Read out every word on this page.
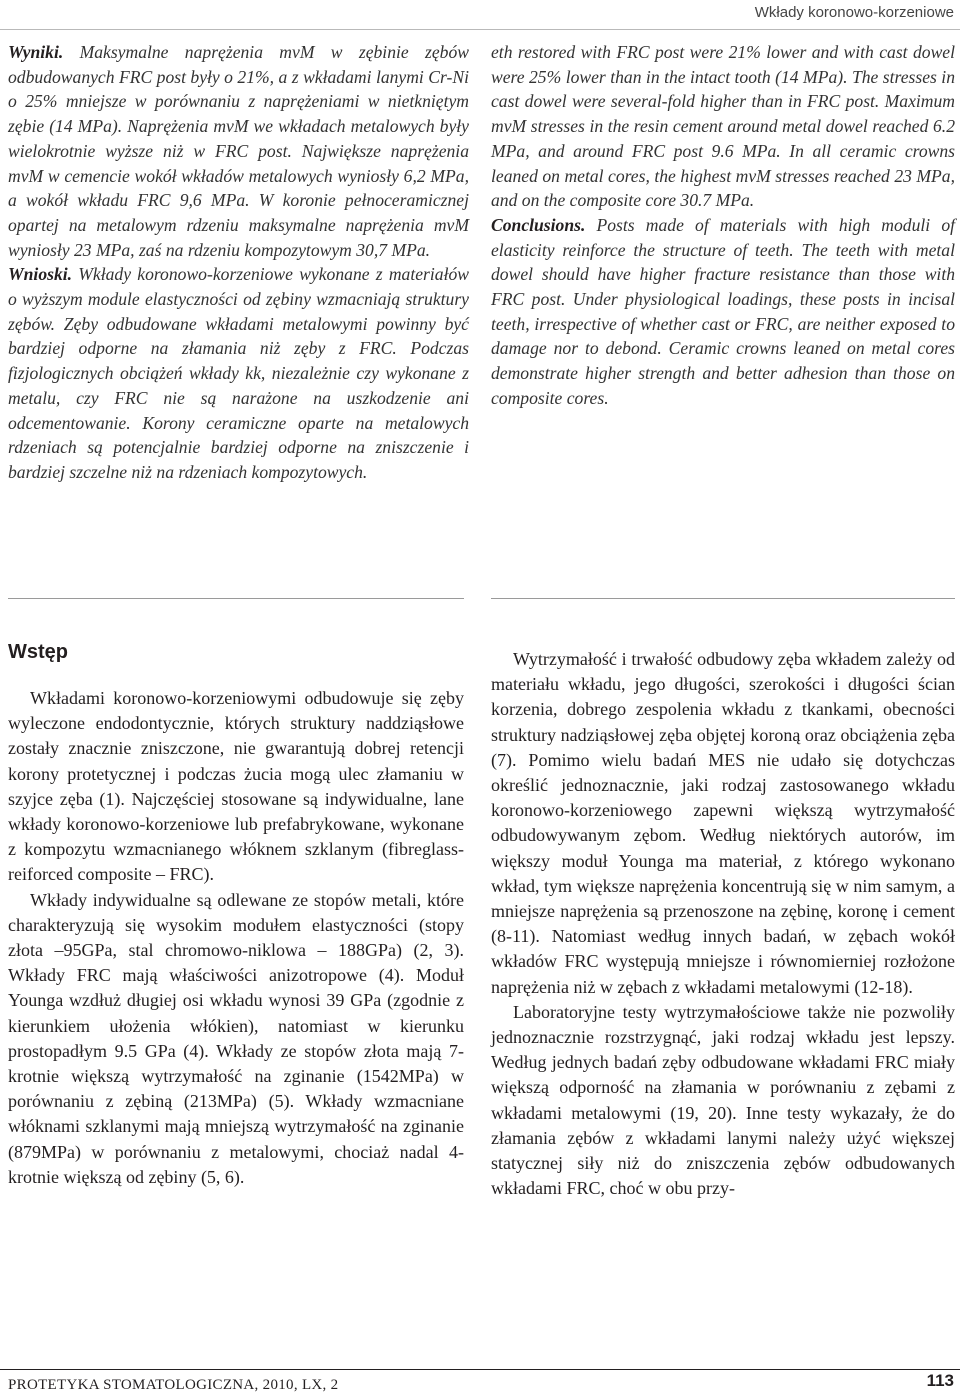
Wkłady koronowo-korzeniowe

Wyniki. Maksymalne naprężenia mvM w zębinie zębów odbudowanych FRC post były o 21%, a z wkładami lanymi Cr-Ni o 25% mniejsze w porównaniu z naprężeniami w nietkniętym zębie (14 MPa). Naprężenia mvM we wkładach metalowych były wielokrotnie wyższe niż w FRC post. Największe naprężenia mvM w cemencie wokół wkładów metalowych wyniosły 6,2 MPa, a wokół wkładu FRC 9,6 MPa. W koronie pełnoceramicznej opartej na metalowym rdzeniu maksymalne naprężenia mvM wyniosły 23 MPa, zaś na rdzeniu kompozytowym 30,7 MPa.

Wnioski. Wkłady koronowo-korzeniowe wykonane z materiałów o wyższym module elastyczności od zębiny wzmacniają struktury zębów. Zęby odbudowane wkładami metalowymi powinny być bardziej odporne na złamania niż zęby z FRC. Podczas fizjologicznych obciążeń wkłady kk, niezależnie czy wykonane z metalu, czy FRC nie są narażone na uszkodzenie ani odcementowanie. Korony ceramiczne oparte na metalowych rdzeniach są potencjalnie bardziej odporne na zniszczenie i bardziej szczelne niż na rdzeniach kompozytowych.

eth restored with FRC post were 21% lower and with cast dowel were 25% lower than in the intact tooth (14 MPa). The stresses in cast dowel were several-fold higher than in FRC post. Maximum mvM stresses in the resin cement around metal dowel reached 6.2 MPa, and around FRC post 9.6 MPa. In all ceramic crowns leaned on metal cores, the highest mvM stresses reached 23 MPa, and on the composite core 30.7 MPa.

Conclusions. Posts made of materials with high moduli of elasticity reinforce the structure of teeth. The teeth with metal dowel should have higher fracture resistance than those with FRC post. Under physiological loadings, these posts in incisal teeth, irrespective of whether cast or FRC, are neither exposed to damage nor to debond. Ceramic crowns leaned on metal cores demonstrate higher strength and better adhesion than those on composite cores.

Wstęp

Wkładami koronowo-korzeniowymi odbudowuje się zęby wyleczone endodontycznie, których struktury naddziąsłowe zostały znacznie zniszczone, nie gwarantują dobrej retencji korony protetycznej i podczas żucia mogą ulec złamaniu w szyjce zęba (1). Najczęściej stosowane są indywidualne, lane wkłady koronowo-korzeniowe lub prefabrykowane, wykonane z kompozytu wzmacnianego włóknem szklanym (fibreglass-reiforced composite – FRC).

Wkłady indywidualne są odlewane ze stopów metali, które charakteryzują się wysokim modułem elastyczności (stopy złota –95GPa, stal chromowo-niklowa – 188GPa) (2, 3). Wkłady FRC mają właściwości anizotropowe (4). Moduł Younga wzdłuż długiej osi wkładu wynosi 39 GPa (zgodnie z kierunkiem ułożenia włókien), natomiast w kierunku prostopadłym 9.5 GPa (4). Wkłady ze stopów złota mają 7-krotnie większą wytrzymałość na zginanie (1542MPa) w porównaniu z zębiną (213MPa) (5). Wkłady wzmacniane włóknami szklanymi mają mniejszą wytrzymałość na zginanie (879MPa) w porównaniu z metalowymi, chociaż nadal 4-krotnie większą od zębiny (5, 6).

Wytrzymałość i trwałość odbudowy zęba wkładem zależy od materiału wkładu, jego długości, szerokości i długości ścian korzenia, dobrego zespolenia wkładu z tkankami, obecności struktury nadziąsłowej zęba objętej koroną oraz obciążenia zęba (7). Pomimo wielu badań MES nie udało się dotychczas określić jednoznacznie, jaki rodzaj zastosowanego wkładu koronowo-korzeniowego zapewni większą wytrzymałość odbudowywanym zębom. Według niektórych autorów, im większy moduł Younga ma materiał, z którego wykonano wkład, tym większe naprężenia koncentrują się w nim samym, a mniejsze naprężenia są przenoszone na zębinę, koronę i cement (8-11). Natomiast według innych badań, w zębach wokół wkładów FRC występują mniejsze i równomierniej rozłożone naprężenia niż w zębach z wkładami metalowymi (12-18).

Laboratoryjne testy wytrzymałościowe także nie pozwoliły jednoznacznie rozstrzygnąć, jaki rodzaj wkładu jest lepszy. Według jednych badań zęby odbudowane wkładami FRC miały większą odporność na złamania w porównaniu z zębami z wkładami metalowymi (19, 20). Inne testy wykazały, że do złamania zębów z wkładami lanymi należy użyć większej statycznej siły niż do zniszczenia zębów odbudowanych wkładami FRC, choć w obu przy-

PROTETYKA STOMATOLOGICZNA, 2010, LX, 2	113
